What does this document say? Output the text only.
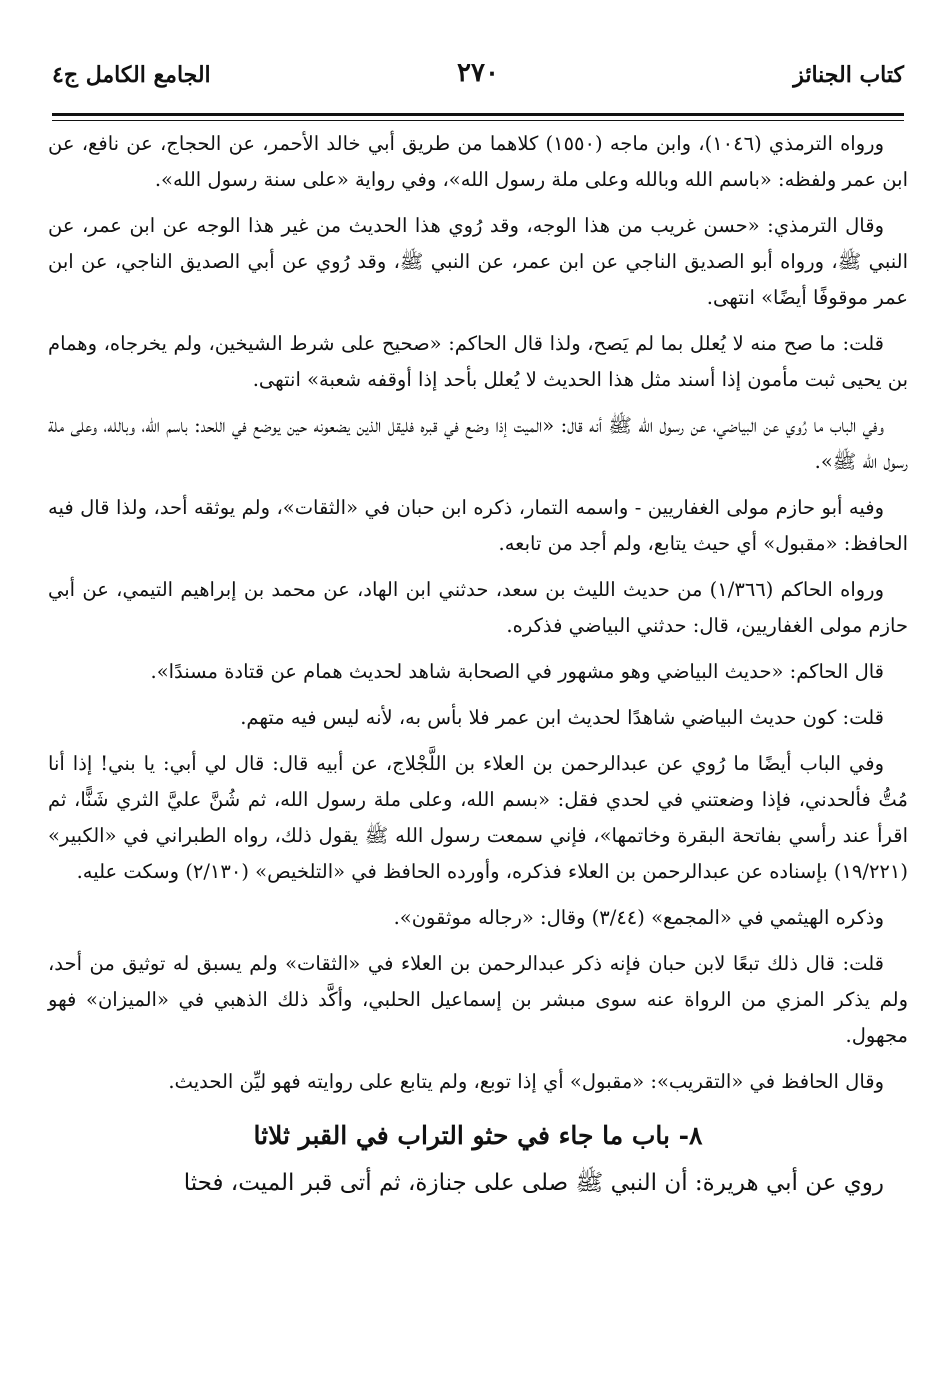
كتاب الجنائز
٢٧٠
الجامع الكامل ج٤

ورواه الترمذي (١٠٤٦)، وابن ماجه (١٥٥٠) كلاهما من طريق أبي خالد الأحمر، عن الحجاج، عن نافع، عن ابن عمر ولفظه: «باسم الله وبالله وعلى ملة رسول الله»، وفي رواية «على سنة رسول الله».

وقال الترمذي: «حسن غريب من هذا الوجه، وقد رُوي هذا الحديث من غير هذا الوجه عن ابن عمر، عن النبي ﷺ، ورواه أبو الصديق الناجي عن ابن عمر، عن النبي ﷺ، وقد رُوي عن أبي الصديق الناجي، عن ابن عمر موقوفًا أيضًا» انتهى.

قلت: ما صح منه لا يُعلل بما لم يَصح، ولذا قال الحاكم: «صحيح على شرط الشيخين، ولم يخرجاه، وهمام بن يحيى ثبت مأمون إذا أسند مثل هذا الحديث لا يُعلل بأحد إذا أوقفه شعبة» انتهى.

وفي الباب ما رُوي عن البياضي، عن رسول الله ﷺ أنه قال: «الميت إذا وضع في قبره فليقل الذين يضعونه حين يوضع في اللحد: باسم الله، وبالله، وعلى ملة رسول الله ﷺ».

وفيه أبو حازم مولى الغفاريين - واسمه التمار، ذكره ابن حبان في «الثقات»، ولم يوثقه أحد، ولذا قال فيه الحافظ: «مقبول» أي حيث يتابع، ولم أجد من تابعه.

ورواه الحاكم (١/٣٦٦) من حديث الليث بن سعد، حدثني ابن الهاد، عن محمد بن إبراهيم التيمي، عن أبي حازم مولى الغفاريين، قال: حدثني البياضي فذكره.

قال الحاكم: «حديث البياضي وهو مشهور في الصحابة شاهد لحديث همام عن قتادة مسندًا».

قلت: كون حديث البياضي شاهدًا لحديث ابن عمر فلا بأس به، لأنه ليس فيه متهم.

وفي الباب أيضًا ما رُوي عن عبدالرحمن بن العلاء بن اللَّجْلاج، عن أبيه قال: قال لي أبي: يا بني! إذا أنا مُتُّ فألحدني، فإذا وضعتني في لحدي فقل: «بسم الله، وعلى ملة رسول الله، ثم شُنَّ عليَّ الثري شَنًّا، ثم اقرأ عند رأسي بفاتحة البقرة وخاتمها»، فإني سمعت رسول الله ﷺ يقول ذلك، رواه الطبراني في «الكبير» (١٩/٢٢١) بإسناده عن عبدالرحمن بن العلاء فذكره، وأورده الحافظ في «التلخيص» (٢/١٣٠) وسكت عليه.

وذكره الهيثمي في «المجمع» (٣/٤٤) وقال: «رجاله موثقون».

قلت: قال ذلك تبعًا لابن حبان فإنه ذكر عبدالرحمن بن العلاء في «الثقات» ولم يسبق له توثيق من أحد، ولم يذكر المزي من الرواة عنه سوى مبشر بن إسماعيل الحلبي، وأكَّد ذلك الذهبي في «الميزان» فهو مجهول.

وقال الحافظ في «التقريب»: «مقبول» أي إذا توبع، ولم يتابع على روايته فهو ليِّن الحديث.

٨- باب ما جاء في حثو التراب في القبر ثلاثا

روي عن أبي هريرة: أن النبي ﷺ صلى على جنازة، ثم أتى قبر الميت، فحثا
